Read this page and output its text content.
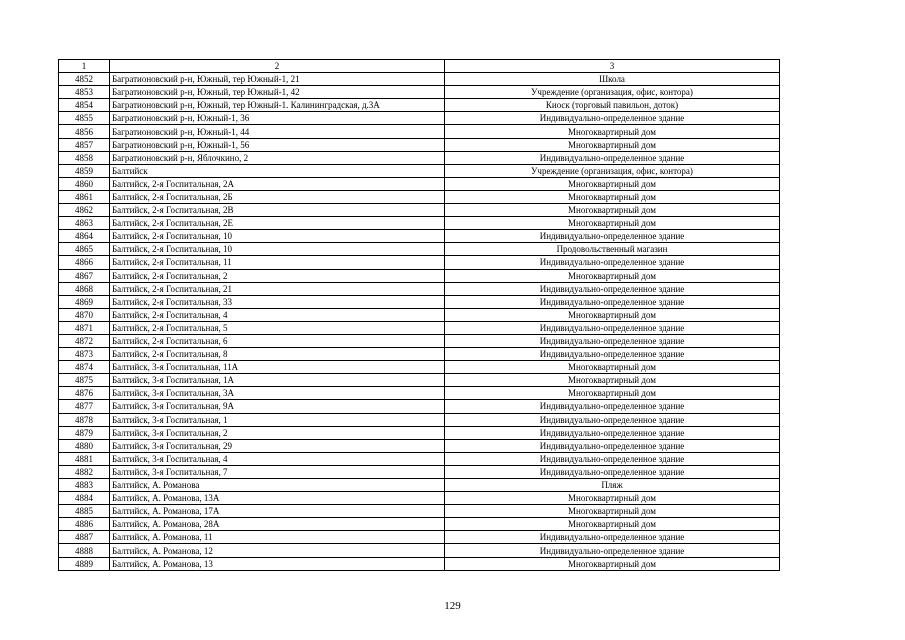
1	2	3
4852	Багратионовский р-н, Южный, тер Южный-1, 21	Школа
4853	Багратионовский р-н, Южный, тер Южный-1, 42	Учреждение (организация, офис, контора)
4854	Багратионовский р-н, Южный, тер Южный-1. Калининградская, д.3А	Киоск (торговый павильон, доток)
4855	Багратионовский р-н, Южный-1, 36	Индивидуально-определенное здание
4856	Багратионовский р-н, Южный-1, 44	Многоквартирный дом
4857	Багратионовский р-н, Южный-1, 56	Многоквартирный дом
4858	Багратионовский р-н, Яблочкино, 2	Индивидуально-определенное здание
4859	Балтийск	Учреждение (организация, офис, контора)
4860	Балтийск, 2-я Госпитальная, 2А	Многоквартирный дом
4861	Балтийск, 2-я Госпитальная, 2Б	Многоквартирный дом
4862	Балтийск, 2-я Госпитальная, 2В	Многоквартирный дом
4863	Балтийск, 2-я Госпитальная, 2Е	Многоквартирный дом
4864	Балтийск, 2-я Госпитальная, 10	Индивидуально-определенное здание
4865	Балтийск, 2-я Госпитальная, 10	Продовольственный магазин
4866	Балтийск, 2-я Госпитальная, 11	Индивидуально-определенное здание
4867	Балтийск, 2-я Госпитальная, 2	Многоквартирный дом
4868	Балтийск, 2-я Госпитальная, 21	Индивидуально-определенное здание
4869	Балтийск, 2-я Госпитальная, 33	Индивидуально-определенное здание
4870	Балтийск, 2-я Госпитальная, 4	Многоквартирный дом
4871	Балтийск, 2-я Госпитальная, 5	Индивидуально-определенное здание
4872	Балтийск, 2-я Госпитальная, 6	Индивидуально-определенное здание
4873	Балтийск, 2-я Госпитальная, 8	Индивидуально-определенное здание
4874	Балтийск, 3-я Госпитальная, 11А	Многоквартирный дом
4875	Балтийск, 3-я Госпитальная, 1А	Многоквартирный дом
4876	Балтийск, 3-я Госпитальная, 3А	Многоквартирный дом
4877	Балтийск, 3-я Госпитальная, 9А	Индивидуально-определенное здание
4878	Балтийск, 3-я Госпитальная, 1	Индивидуально-определенное здание
4879	Балтийск, 3-я Госпитальная, 2	Индивидуально-определенное здание
4880	Балтийск, 3-я Госпитальная, 29	Индивидуально-определенное здание
4881	Балтийск, 3-я Госпитальная, 4	Индивидуально-определенное здание
4882	Балтийск, 3-я Госпитальная, 7	Индивидуально-определенное здание
4883	Балтийск, А. Романова	Пляж
4884	Балтийск, А. Романова, 13А	Многоквартирный дом
4885	Балтийск, А. Романова, 17А	Многоквартирный дом
4886	Балтийск, А. Романова, 28А	Многоквартирный дом
4887	Балтийск, А. Романова, 11	Индивидуально-определенное здание
4888	Балтийск, А. Романова, 12	Индивидуально-определенное здание
4889	Балтийск, А. Романова, 13	Многоквартирный дом
129
